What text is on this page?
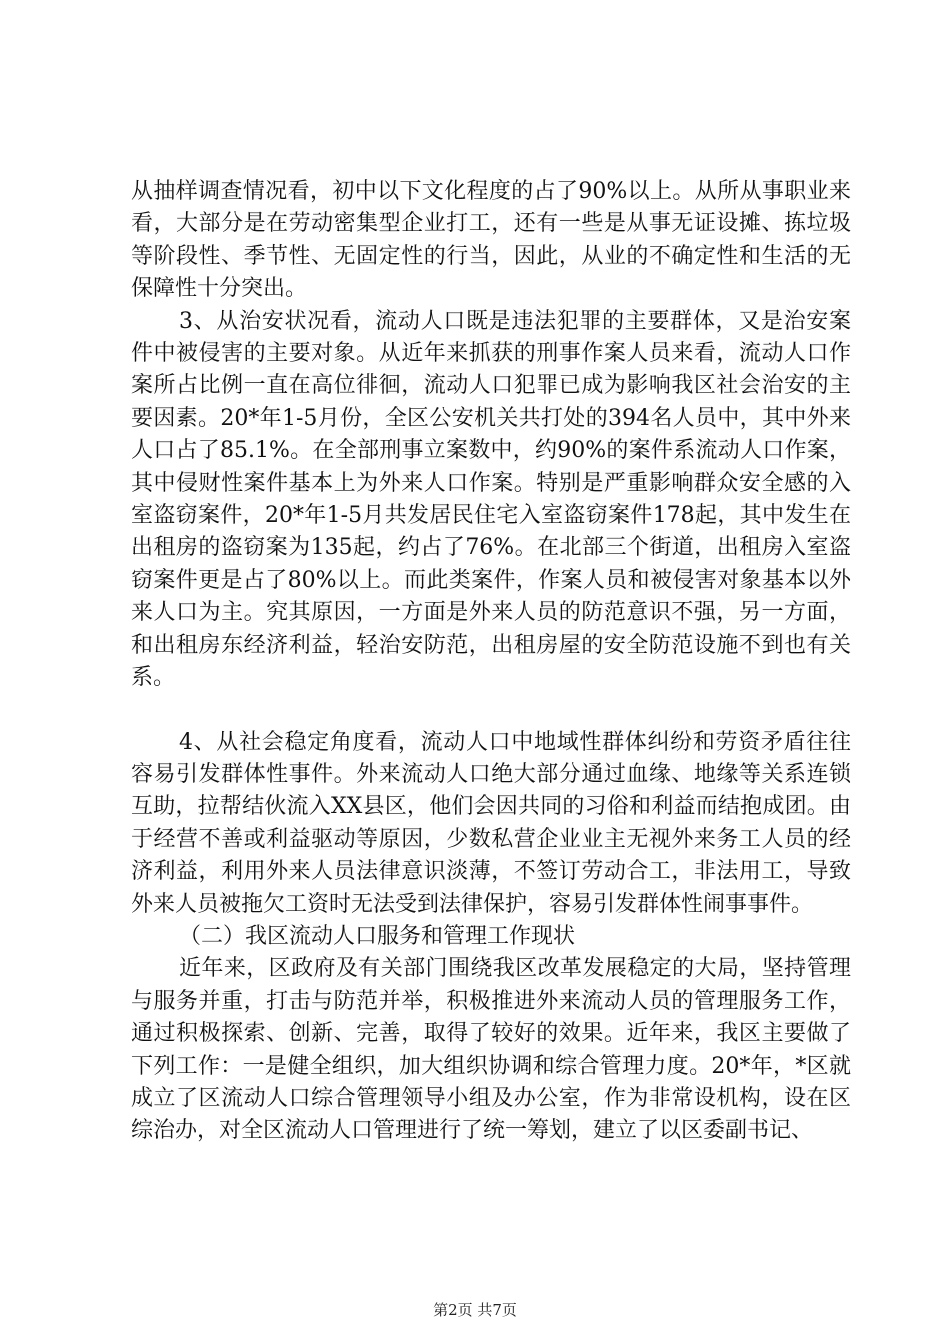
从抽样调查情况看，初中以下文化程度的占了90%以上。从所从事职业来看，大部分是在劳动密集型企业打工，还有一些是从事无证设摊、拣垃圾等阶段性、季节性、无固定性的行当，因此，从业的不确定性和生活的无保障性十分突出。

3、从治安状况看，流动人口既是违法犯罪的主要群体，又是治安案件中被侵害的主要对象。从近年来抓获的刑事作案人员来看，流动人口作案所占比例一直在高位徘徊，流动人口犯罪已成为影响我区社会治安的主要因素。20*年1-5月份，全区公安机关共打处的394名人员中，其中外来人口占了85.1%。在全部刑事立案数中，约90%的案件系流动人口作案，其中侵财性案件基本上为外来人口作案。特别是严重影响群众安全感的入室盗窃案件，20*年1-5月共发居民住宅入室盗窃案件178起，其中发生在出租房的盗窃案为135起，约占了76%。在北部三个街道，出租房入室盗窃案件更是占了80%以上。而此类案件，作案人员和被侵害对象基本以外来人口为主。究其原因，一方面是外来人员的防范意识不强，另一方面，和出租房东经济利益，轻治安防范，出租房屋的安全防范设施不到也有关系。

4、从社会稳定角度看，流动人口中地域性群体纠纷和劳资矛盾往往容易引发群体性事件。外来流动人口绝大部分通过血缘、地缘等关系连锁互助，拉帮结伙流入XX县区，他们会因共同的习俗和利益而结抱成团。由于经营不善或利益驱动等原因，少数私营企业业主无视外来务工人员的经济利益，利用外来人员法律意识淡薄，不签订劳动合工，非法用工，导致外来人员被拖欠工资时无法受到法律保护，容易引发群体性闹事事件。

（二）我区流动人口服务和管理工作现状

近年来，区政府及有关部门围绕我区改革发展稳定的大局，坚持管理与服务并重，打击与防范并举，积极推进外来流动人员的管理服务工作，通过积极探索、创新、完善，取得了较好的效果。近年来，我区主要做了下列工作：一是健全组织，加大组织协调和综合管理力度。20*年，*区就成立了区流动人口综合管理领导小组及办公室，作为非常设机构，设在区综治办，对全区流动人口管理进行了统一筹划，建立了以区委副书记、

第2页 共7页
